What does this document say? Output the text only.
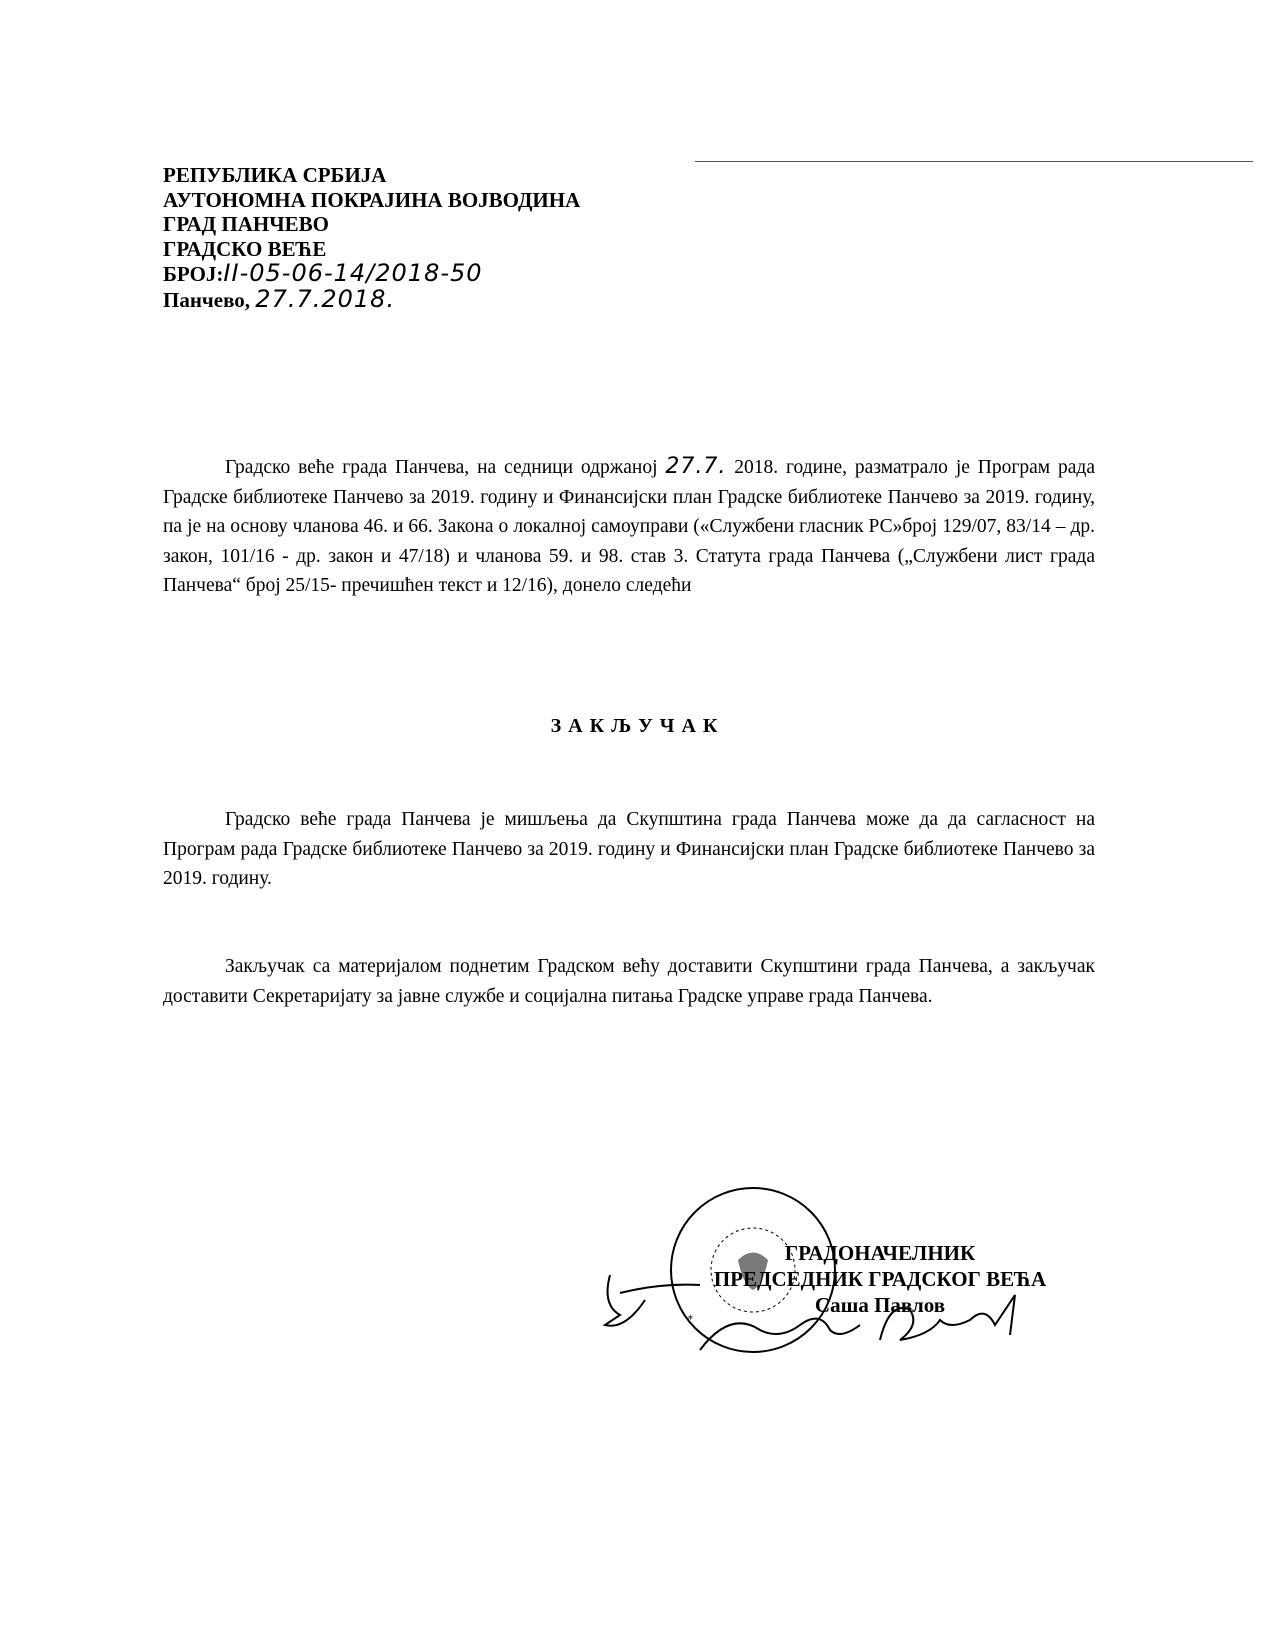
РЕПУБЛИКА СРБИЈА
АУТОНОМНА ПОКРАЈИНА ВОЈВОДИНА
ГРАД ПАНЧЕВО
ГРАДСКО ВЕЋЕ
БРОЈ:II-05-06-14/2018-50
Панчево, 27.7.2018.

Градско веће града Панчева, на седници одржаној 27.7. 2018. године, разматрало је Програм рада Градске библиотеке Панчево за 2019. годину и Финансијски план Градске библиотеке Панчево за 2019. годину, па је на основу чланова 46. и 66. Закона о локалној самоуправи («Службени гласник РС»број 129/07, 83/14 – др. закон, 101/16 - др. закон и 47/18) и чланова 59. и 98. став 3. Статута града Панчева („Службени лист града Панчева“ број 25/15- пречишћен текст и 12/16), донело следећи

ЗАКЉУЧАК

Градско веће града Панчева је мишљења да Скупштина града Панчева може да да сагласност на Програм рада Градске библиотеке Панчево за 2019. годину и Финансијски план Градске библиотеке Панчево за 2019. годину.

Закључак са материјалом поднетим Градском већу доставити Скупштини града Панчева, а закључак доставити Секретаријату за јавне службе и социјална питања Градске управе града Панчева.

*
ГРАДОНАЧЕЛНИК
ПРЕДСЕДНИК ГРАДСКОГ ВЕЋА
Саша Павлов
